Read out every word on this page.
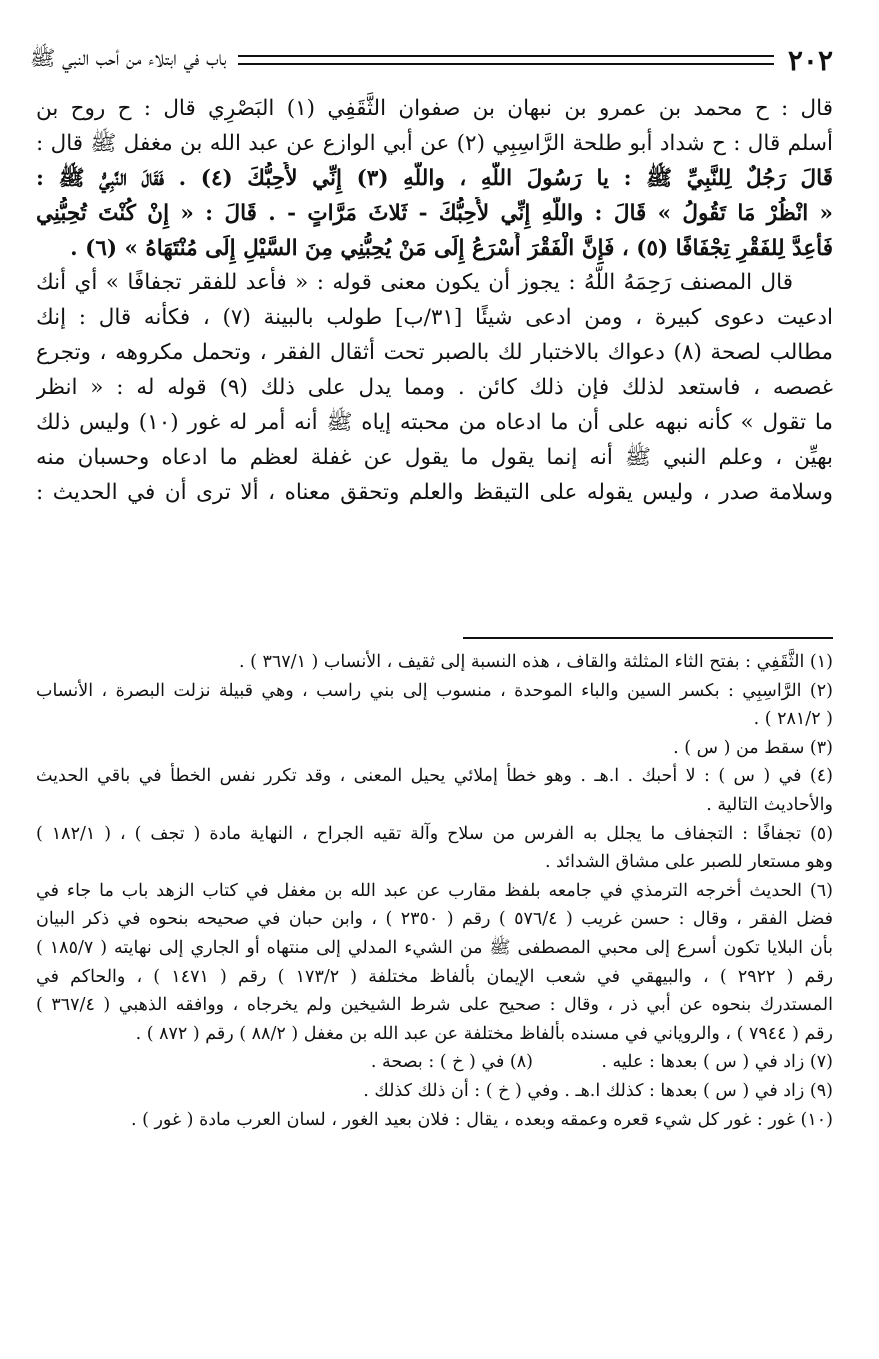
٢٠٢
باب في ابتلاء من أحب النبي ﷺ
قال : ح محمد بن عمرو بن نبهان بن صفوان الثَّقَفِي (١) البَصْرِي قال : ح روح بن
أسلم قال : ح شداد أبو طلحة الرَّاسِبِي (٢) عن أبي الوازع عن عبد الله بن مغفل ﷺ قال :
قَالَ رَجُلٌ لِلنَّبِيِّ ﷺ : يا رَسُولَ اللَّهِ ، واللَّهِ (٣) إِنِّي لأُحِبُّكَ (٤) . فَقَالَ النَّبِيُّ ﷺ :
« انْظُرْ مَا تَقُولُ » قَالَ : واللَّهِ إِنِّي لأُحِبُّكَ - ثَلاثَ مَرَّاتٍ - . قَالَ : « إِنْ كُنْتَ تُحِبُّنِي
فَأَعِدَّ لِلفَقْرِ تِجْفَافًا (٥) ، فَإِنَّ الْفَقْرَ أَسْرَعُ إِلَى مَنْ يُحِبُّنِي مِنَ السَّيْلِ إِلَى مُنْتَهَاهُ » (٦) .
قال المصنف رَحِمَهُ اللَّهُ : يجوز أن يكون معنى قوله : « فأعد للفقر تجفافًا » أي أنك
ادعيت دعوى كبيرة ، ومن ادعى شيئًا [٣١/ب] طولب بالبينة (٧) ، فكأنه قال : إنك
مطالب لصحة (٨) دعواك بالاختبار لك بالصبر تحت أثقال الفقر ، وتحمل مكروهه ، وتجرع
غصصه ، فاستعد لذلك فإن ذلك كائن . ومما يدل على ذلك (٩) قوله له : « انظر
ما تقول » كأنه نبهه على أن ما ادعاه من محبته إياه ﷺ أنه أمر له غور (١٠) وليس ذلك
بهيِّن ، وعلم النبي ﷺ أنه إنما يقول ما يقول عن غفلة لعظم ما ادعاه وحسبان منه
وسلامة صدر ، وليس يقوله على التيقظ والعلم وتحقق معناه ، ألا ترى أن في الحديث :
(١) الثَّقَفِي : بفتح الثاء المثلثة والقاف ، هذه النسبة إلى ثقيف ، الأنساب ( ٣٦٧/١ ) .
(٢) الرَّاسِبِي : بكسر السين والباء الموحدة ، منسوب إلى بني راسب ، وهي قبيلة نزلت البصرة ، الأنساب
( ٢٨١/٢ ) .
(٣) سقط من ( س ) .
(٤) في ( س ) : لا أحبك . ا.هـ . وهو خطأ إملائي يحيل المعنى ، وقد تكرر نفس الخطأ في باقي الحديث
والأحاديث التالية .
(٥) تجفافًا : التجفاف ما يجلل به الفرس من سلاح وآلة تقيه الجراح ، النهاية مادة ( تجف ) ، ( ١٨٢/١ )
وهو مستعار للصبر على مشاق الشدائد .
(٦) الحديث أخرجه الترمذي في جامعه بلفظ مقارب عن عبد الله بن مغفل في كتاب الزهد باب ما جاء في
فضل الفقر ، وقال : حسن غريب ( ٥٧٦/٤ ) رقم ( ٢٣٥٠ ) ، وابن حبان في صحيحه بنحوه في ذكر البيان
بأن البلايا تكون أسرع إلى محبي المصطفى ﷺ من الشيء المدلي إلى منتهاه أو الجاري إلى نهايته ( ١٨٥/٧ )
رقم ( ٢٩٢٢ ) ، والبيهقي في شعب الإيمان بألفاظ مختلفة ( ١٧٣/٢ ) رقم ( ١٤٧١ ) ، والحاكم في
المستدرك بنحوه عن أبي ذر ، وقال : صحيح على شرط الشيخين ولم يخرجاه ، ووافقه الذهبي ( ٣٦٧/٤ )
رقم ( ٧٩٤٤ ) ، والروياني في مسنده بألفاظ مختلفة عن عبد الله بن مغفل ( ٨٨/٢ ) رقم ( ٨٧٢ ) .
(٧) زاد في ( س ) بعدها : عليه .
(٨) في ( خ ) : بصحة .
(٩) زاد في ( س ) بعدها : كذلك ا.هـ . وفي ( خ ) : أن ذلك كذلك .
(١٠) غور : غور كل شيء قعره وعمقه وبعده ، يقال : فلان بعيد الغور ، لسان العرب مادة ( غور ) .
